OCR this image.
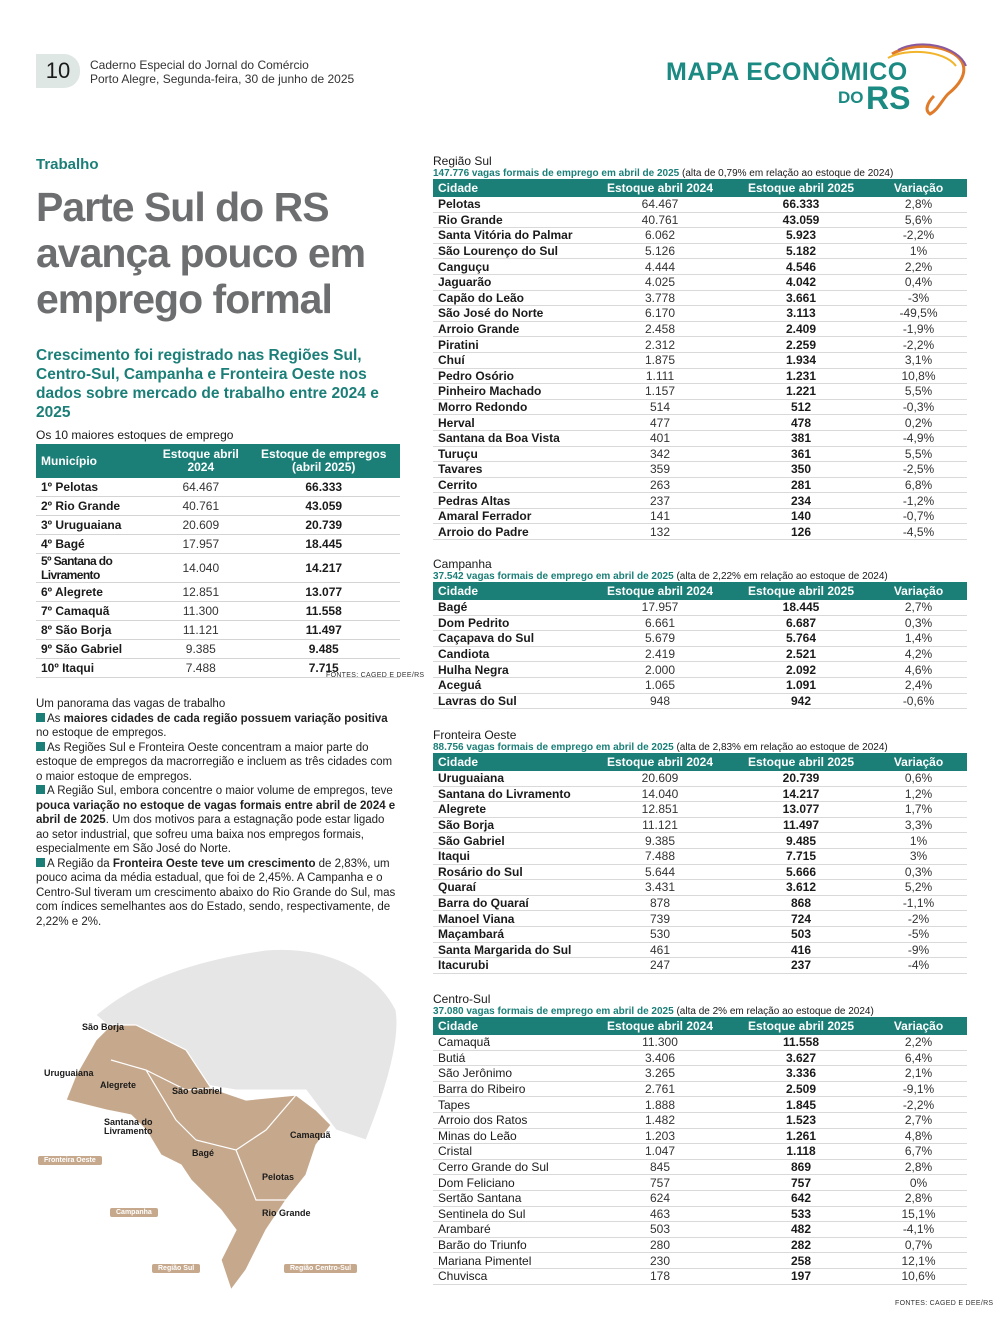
10	Caderno Especial do Jornal do Comércio
Porto Alegre, Segunda-feira, 30 de junho de 2025	MAPA ECONÔMICO
DO RS
Trabalho
Parte Sul do RS avança pouco em emprego formal
Crescimento foi registrado nas Regiões Sul, Centro-Sul, Campanha e Fronteira Oeste nos dados sobre mercado de trabalho entre 2024 e 2025
Os 10 maiores estoques de emprego
Município	Estoque abril 2024	Estoque de empregos (abril 2025)
1º Pelotas	64.467	66.333
2º Rio Grande	40.761	43.059
3º Uruguaiana	20.609	20.739
4º Bagé	17.957	18.445
5º Santana do Livramento	14.040	14.217
6º Alegrete	12.851	13.077
7º Camaquã	11.300	11.558
8º São Borja	11.121	11.497
9º São Gabriel	9.385	9.485
10º Itaqui	7.488	7.715
FONTES: CAGED E DEE/RS

Um panorama das vagas de trabalho

As maiores cidades de cada região possuem variação positiva no estoque de empregos.

As Regiões Sul e Fronteira Oeste concentram a maior parte do estoque de empregos da macrorregião e incluem as três cidades com o maior estoque de empregos.

A Região Sul, embora concentre o maior volume de empregos, teve pouca variação no estoque de vagas formais entre abril de 2024 e abril de 2025. Um dos motivos para a estagnação pode estar ligado ao setor industrial, que sofreu uma baixa nos empregos formais, especialmente em São José do Norte.

A Região da Fronteira Oeste teve um crescimento de 2,83%, um pouco acima da média estadual, que foi de 2,45%. A Campanha e o Centro-Sul tiveram um crescimento abaixo do Rio Grande do Sul, mas com índices semelhantes aos do Estado, sendo, respectivamente, de 2,22% e 2%.

São Borja
Uruguaiana
Alegrete
São Gabriel
Santana do Livramento	Camaquã
Bagé
Pelotas
Rio Grande
Fronteira Oeste
Campanha
Região Sul	Região Centro-Sul
Região Sul
147.776 vagas formais de emprego em abril de 2025 (alta de 0,79% em relação ao estoque de 2024)
Cidade	Estoque abril 2024	Estoque abril 2025	Variação
Pelotas	64.467	66.333	2,8%
Rio Grande	40.761	43.059	5,6%
Santa Vitória do Palmar	6.062	5.923	-2,2%
São Lourenço do Sul	5.126	5.182	1%
Canguçu	4.444	4.546	2,2%
Jaguarão	4.025	4.042	0,4%
Capão do Leão	3.778	3.661	-3%
São José do Norte	6.170	3.113	-49,5%
Arroio Grande	2.458	2.409	-1,9%
Piratini	2.312	2.259	-2,2%
Chuí	1.875	1.934	3,1%
Pedro Osório	1.111	1.231	10,8%
Pinheiro Machado	1.157	1.221	5,5%
Morro Redondo	514	512	-0,3%
Herval	477	478	0,2%
Santana da Boa Vista	401	381	-4,9%
Turuçu	342	361	5,5%
Tavares	359	350	-2,5%
Cerrito	263	281	6,8%
Pedras Altas	237	234	-1,2%
Amaral Ferrador	141	140	-0,7%
Arroio do Padre	132	126	-4,5%
Campanha
37.542 vagas formais de emprego em abril de 2025 (alta de 2,22% em relação ao estoque de 2024)
Cidade	Estoque abril 2024	Estoque abril 2025	Variação
Bagé	17.957	18.445	2,7%
Dom Pedrito	6.661	6.687	0,3%
Caçapava do Sul	5.679	5.764	1,4%
Candiota	2.419	2.521	4,2%
Hulha Negra	2.000	2.092	4,6%
Aceguá	1.065	1.091	2,4%
Lavras do Sul	948	942	-0,6%
Fronteira Oeste
88.756 vagas formais de emprego em abril de 2025 (alta de 2,83% em relação ao estoque de 2024)
Cidade	Estoque abril 2024	Estoque abril 2025	Variação
Uruguaiana	20.609	20.739	0,6%
Santana do Livramento	14.040	14.217	1,2%
Alegrete	12.851	13.077	1,7%
São Borja	11.121	11.497	3,3%
São Gabriel	9.385	9.485	1%
Itaqui	7.488	7.715	3%
Rosário do Sul	5.644	5.666	0,3%
Quaraí	3.431	3.612	5,2%
Barra do Quaraí	878	868	-1,1%
Manoel Viana	739	724	-2%
Maçambará	530	503	-5%
Santa Margarida do Sul	461	416	-9%
Itacurubi	247	237	-4%
Centro-Sul
37.080 vagas formais de emprego em abril de 2025 (alta de 2% em relação ao estoque de 2024)
Cidade	Estoque abril 2024	Estoque abril 2025	Variação
Camaquã	11.300	11.558	2,2%
Butiá	3.406	3.627	6,4%
São Jerônimo	3.265	3.336	2,1%
Barra do Ribeiro	2.761	2.509	-9,1%
Tapes	1.888	1.845	-2,2%
Arroio dos Ratos	1.482	1.523	2,7%
Minas do Leão	1.203	1.261	4,8%
Cristal	1.047	1.118	6,7%
Cerro Grande do Sul	845	869	2,8%
Dom Feliciano	757	757	0%
Sertão Santana	624	642	2,8%
Sentinela do Sul	463	533	15,1%
Arambaré	503	482	-4,1%
Barão do Triunfo	280	282	0,7%
Mariana Pimentel	230	258	12,1%
Chuvisca	178	197	10,6%
FONTES: CAGED E DEE/RS
